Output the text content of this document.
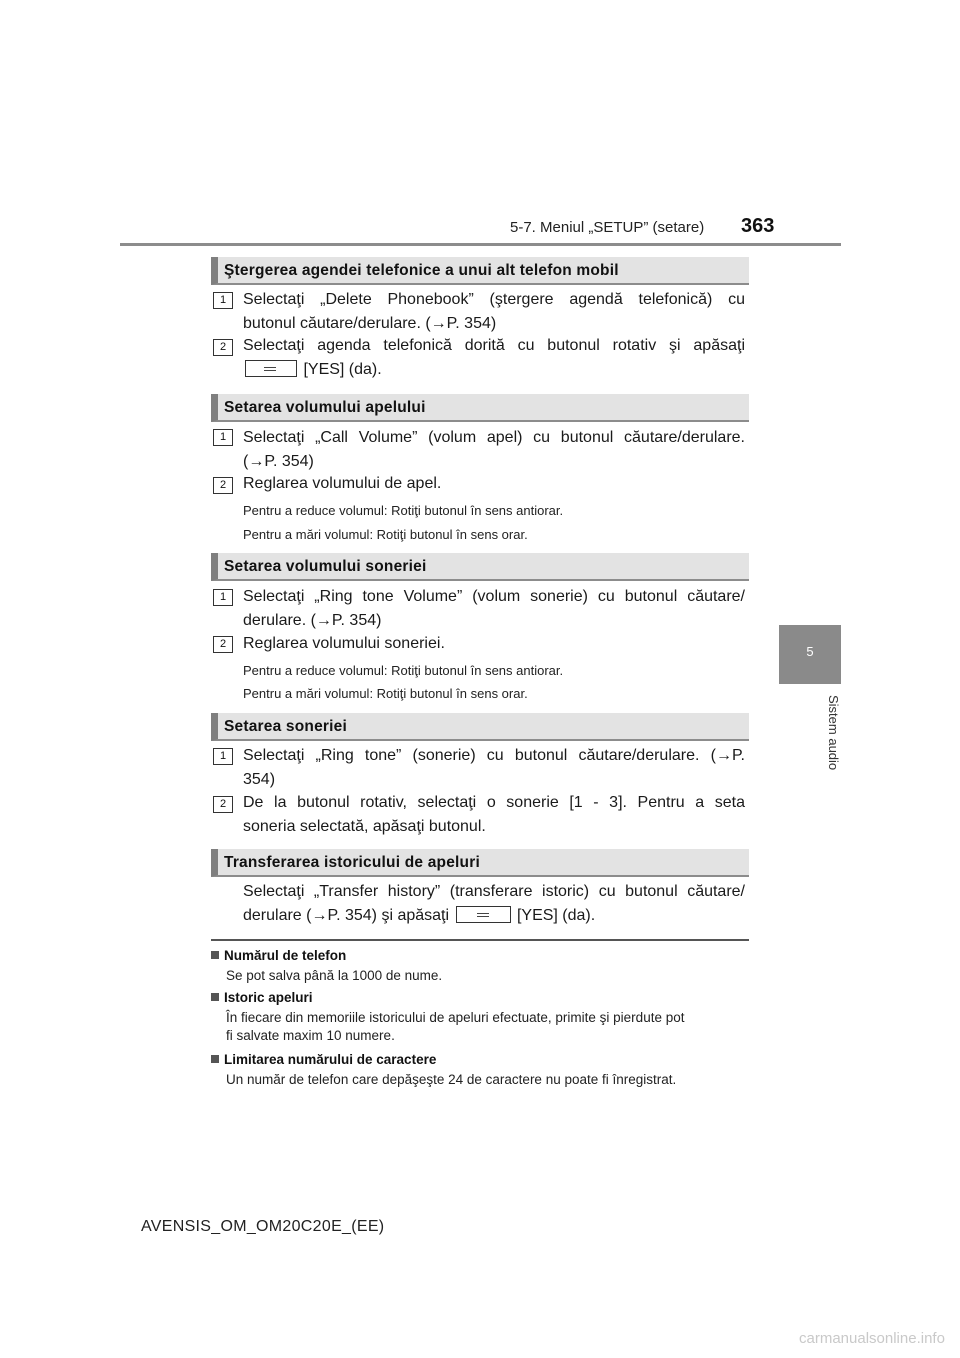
5-7. Meniul „SETUP” (setare) 363
5
Sistem audio
Ştergerea agendei telefonice a unui alt telefon mobil
1	Selectaţi „Delete Phonebook” (ştergere agendă telefonică) cu
butonul căutare/derulare. (→P. 354)
2	Selectaţi agenda telefonică dorită cu butonul rotativ şi apăsaţi
[YES] (da).
Setarea volumului apelului
1	Selectaţi „Call Volume” (volum apel) cu butonul căutare/derulare.
(→P. 354)
2	Reglarea volumului de apel.
Pentru a reduce volumul: Rotiţi butonul în sens antiorar.
Pentru a mări volumul: Rotiţi butonul în sens orar.
Setarea volumului soneriei
1	Selectaţi „Ring tone Volume” (volum sonerie) cu butonul căutare/
derulare. (→P. 354)
2	Reglarea volumului soneriei.
Pentru a reduce volumul: Rotiţi butonul în sens antiorar.
Pentru a mări volumul: Rotiţi butonul în sens orar.
Setarea soneriei
1	Selectaţi „Ring tone” (sonerie) cu butonul căutare/derulare. (→P.
354)
2	De la butonul rotativ, selectaţi o sonerie [1 - 3]. Pentru a seta
soneria selectată, apăsaţi butonul.
Transferarea istoricului de apeluri
Selectaţi „Transfer history” (transferare istoric) cu butonul căutare/
derulare (→P. 354) şi apăsaţi	[YES] (da).
Numărul de telefon
Se pot salva până la 1000 de nume.
Istoric apeluri
În fiecare din memoriile istoricului de apeluri efectuate, primite şi pierdute pot
fi salvate maxim 10 numere.
Limitarea numărului de caractere
Un număr de telefon care depăşeşte 24 de caractere nu poate fi înregistrat.
AVENSIS_OM_OM20C20E_(EE)
carmanualsonline.info
